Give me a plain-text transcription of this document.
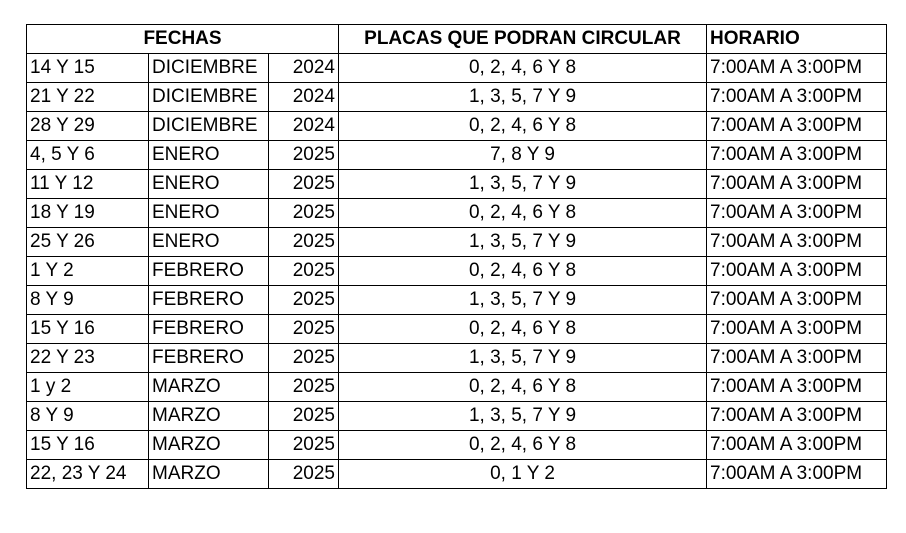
FECHAS			PLACAS QUE PODRAN CIRCULAR	HORARIO
14 Y 15	DICIEMBRE	2024	0, 2, 4, 6 Y 8	7:00AM A 3:00PM
21 Y 22	DICIEMBRE	2024	1, 3, 5, 7 Y 9	7:00AM A 3:00PM
28 Y 29	DICIEMBRE	2024	0, 2, 4, 6 Y 8	7:00AM A 3:00PM
4, 5 Y 6	ENERO	2025	7, 8 Y 9	7:00AM A 3:00PM
11 Y 12	ENERO	2025	1, 3, 5, 7 Y 9	7:00AM A 3:00PM
18 Y 19	ENERO	2025	0, 2, 4, 6 Y 8	7:00AM A 3:00PM
25 Y 26	ENERO	2025	1, 3, 5, 7 Y 9	7:00AM A 3:00PM
1 Y 2	FEBRERO	2025	0, 2, 4, 6 Y 8	7:00AM A 3:00PM
8 Y 9	FEBRERO	2025	1, 3, 5, 7 Y 9	7:00AM A 3:00PM
15 Y 16	FEBRERO	2025	0, 2, 4, 6 Y 8	7:00AM A 3:00PM
22 Y 23	FEBRERO	2025	1, 3, 5, 7 Y 9	7:00AM A 3:00PM
1 y 2	MARZO	2025	0, 2, 4, 6 Y 8	7:00AM A 3:00PM
8 Y 9	MARZO	2025	1, 3, 5, 7 Y 9	7:00AM A 3:00PM
15 Y 16	MARZO	2025	0, 2, 4, 6 Y 8	7:00AM A 3:00PM
22, 23 Y 24	MARZO	2025	0, 1 Y 2	7:00AM A 3:00PM
